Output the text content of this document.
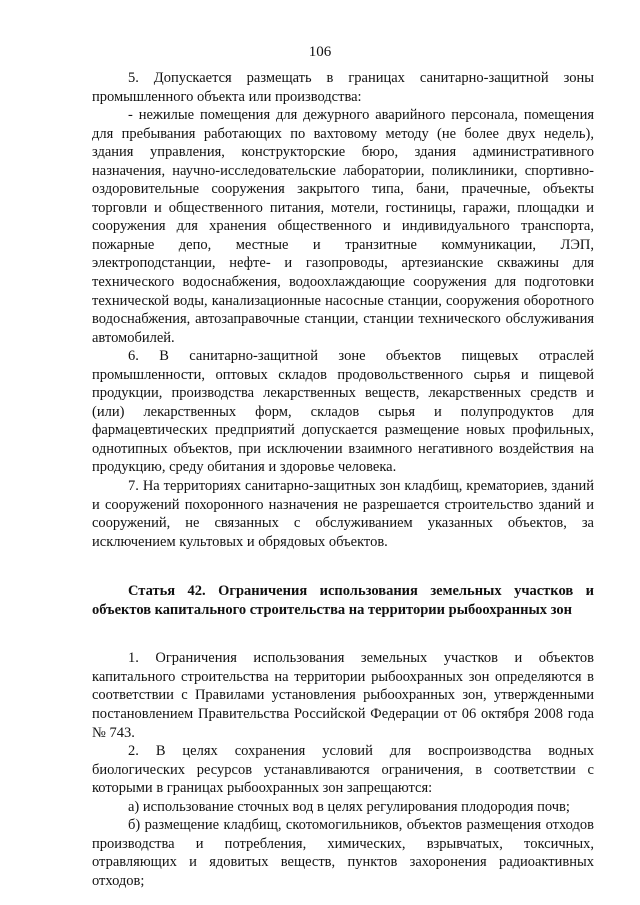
106

5. Допускается размещать в границах санитарно-защитной зоны промышленного объекта или производства:

- нежилые помещения для дежурного аварийного персонала, помещения для пребывания работающих по вахтовому методу (не более двух недель), здания управления, конструкторские бюро, здания административного назначения, научно-исследовательские лаборатории, поликлиники, спортивно-оздоровительные сооружения закрытого типа, бани, прачечные, объекты торговли и общественного питания, мотели, гостиницы, гаражи, площадки и сооружения для хранения общественного и индивидуального транспорта, пожарные депо, местные и транзитные коммуникации, ЛЭП, электроподстанции, нефте- и газопроводы, артезианские скважины для технического водоснабжения, водоохлаждающие сооружения для подготовки технической воды, канализационные насосные станции, сооружения оборотного водоснабжения, автозаправочные станции, станции технического обслуживания автомобилей.

6. В санитарно-защитной зоне объектов пищевых отраслей промышленности, оптовых складов продовольственного сырья и пищевой продукции, производства лекарственных веществ, лекарственных средств и (или) лекарственных форм, складов сырья и полупродуктов для фармацевтических предприятий допускается размещение новых профильных, однотипных объектов, при исключении взаимного негативного воздействия на продукцию, среду обитания и здоровье человека.

7. На территориях санитарно-защитных зон кладбищ, крематориев, зданий и сооружений похоронного назначения не разрешается строительство зданий и сооружений, не связанных с обслуживанием указанных объектов, за исключением культовых и обрядовых объектов.

Статья 42. Ограничения использования земельных участков и объектов капитального строительства на территории рыбоохранных зон

1. Ограничения использования земельных участков и объектов капитального строительства на территории рыбоохранных зон определяются в соответствии с Правилами установления рыбоохранных зон, утвержденными постановлением Правительства Российской Федерации от 06 октября 2008 года № 743.

2. В целях сохранения условий для воспроизводства водных биологических ресурсов устанавливаются ограничения, в соответствии с которыми в границах рыбоохранных зон запрещаются:

а) использование сточных вод в целях регулирования плодородия почв;

б) размещение кладбищ, скотомогильников, объектов размещения отходов производства и потребления, химических, взрывчатых, токсичных, отравляющих и ядовитых веществ, пунктов захоронения радиоактивных отходов;
